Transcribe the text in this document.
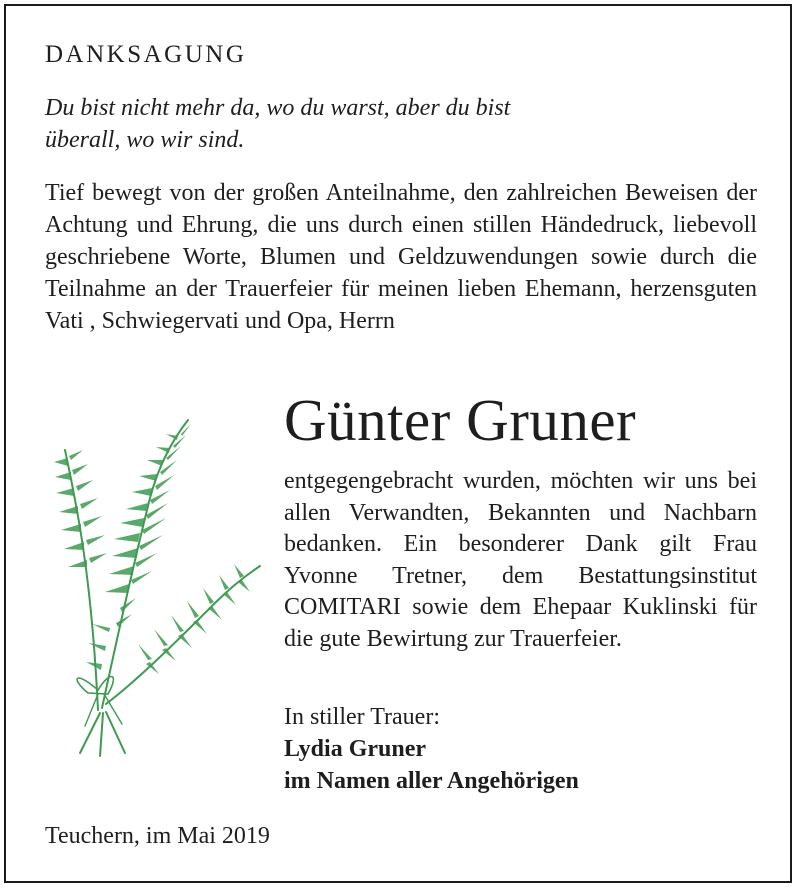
DANKSAGUNG
Du bist nicht mehr da, wo du warst, aber du bist
überall, wo wir sind.
Tief bewegt von der großen Anteilnahme, den zahlreichen Beweisen der Achtung und Ehrung, die uns durch einen stillen Händedruck, liebevoll geschriebene Worte, Blumen und Geldzuwendungen sowie durch die Teilnahme an der Trauerfeier für meinen lieben Ehemann, herzensguten Vati , Schwiegervati und Opa, Herrn
Günter Gruner
entgegengebracht wurden, möchten wir uns bei allen Verwandten, Bekannten und Nachbarn bedanken. Ein besonderer Dank gilt Frau Yvonne Tretner, dem Bestattungsinstitut COMITARI sowie dem Ehepaar Kuklinski für die gute Bewirtung zur Trauerfeier.
In stiller Trauer:
Lydia Gruner
im Namen aller Angehörigen
Teuchern, im Mai 2019
